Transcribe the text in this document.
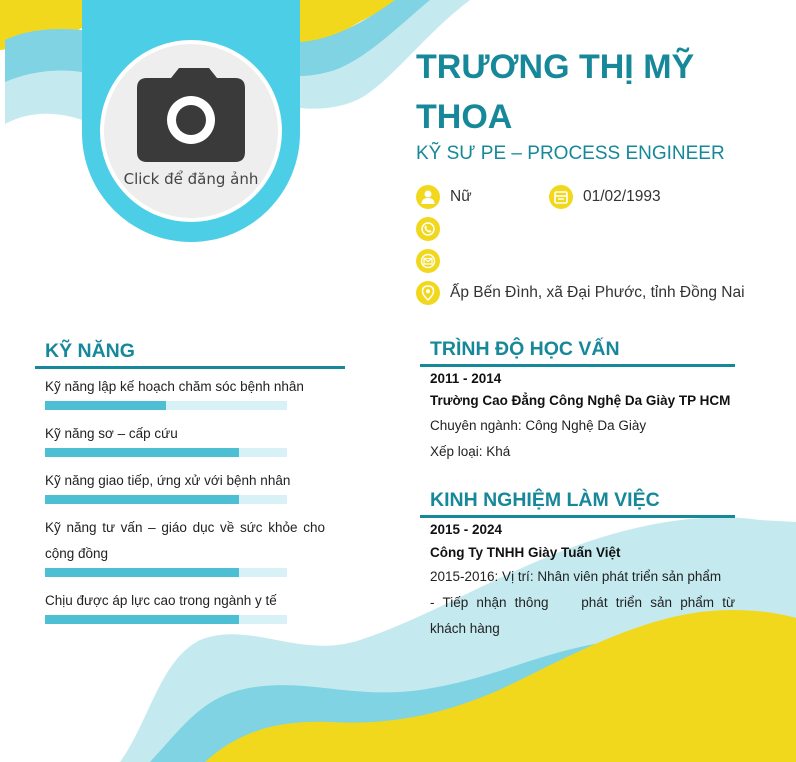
Click để đăng ảnh
TRƯƠNG THỊ MỸ
THOA
KỸ SƯ PE – PROCESS ENGINEER
Nữ	01/02/1993
Ấp Bến Đình, xã Đại Phước, tỉnh Đồng Nai
KỸ NĂNG
Kỹ năng lập kế hoạch chăm sóc bệnh nhân
Kỹ năng sơ – cấp cứu
Kỹ năng giao tiếp, ứng xử với bệnh nhân
Kỹ năng tư vấn – giáo dục về sức khỏe cho
cộng đồng
Chịu được áp lực cao trong ngành y tế
TRÌNH ĐỘ HỌC VẤN
2011 - 2014
Trường Cao Đẳng Công Nghệ Da Giày TP HCM
Chuyên ngành: Công Nghệ Da Giày
Xếp loại: Khá
KINH NGHIỆM LÀM VIỆC
2015 - 2024
Công Ty TNHH Giày Tuấn Việt
2015-2016: Vị trí: Nhân viên phát triển sản phẩm
- Tiếp nhận thông    phát triển sản phẩm từ
khách hàng
